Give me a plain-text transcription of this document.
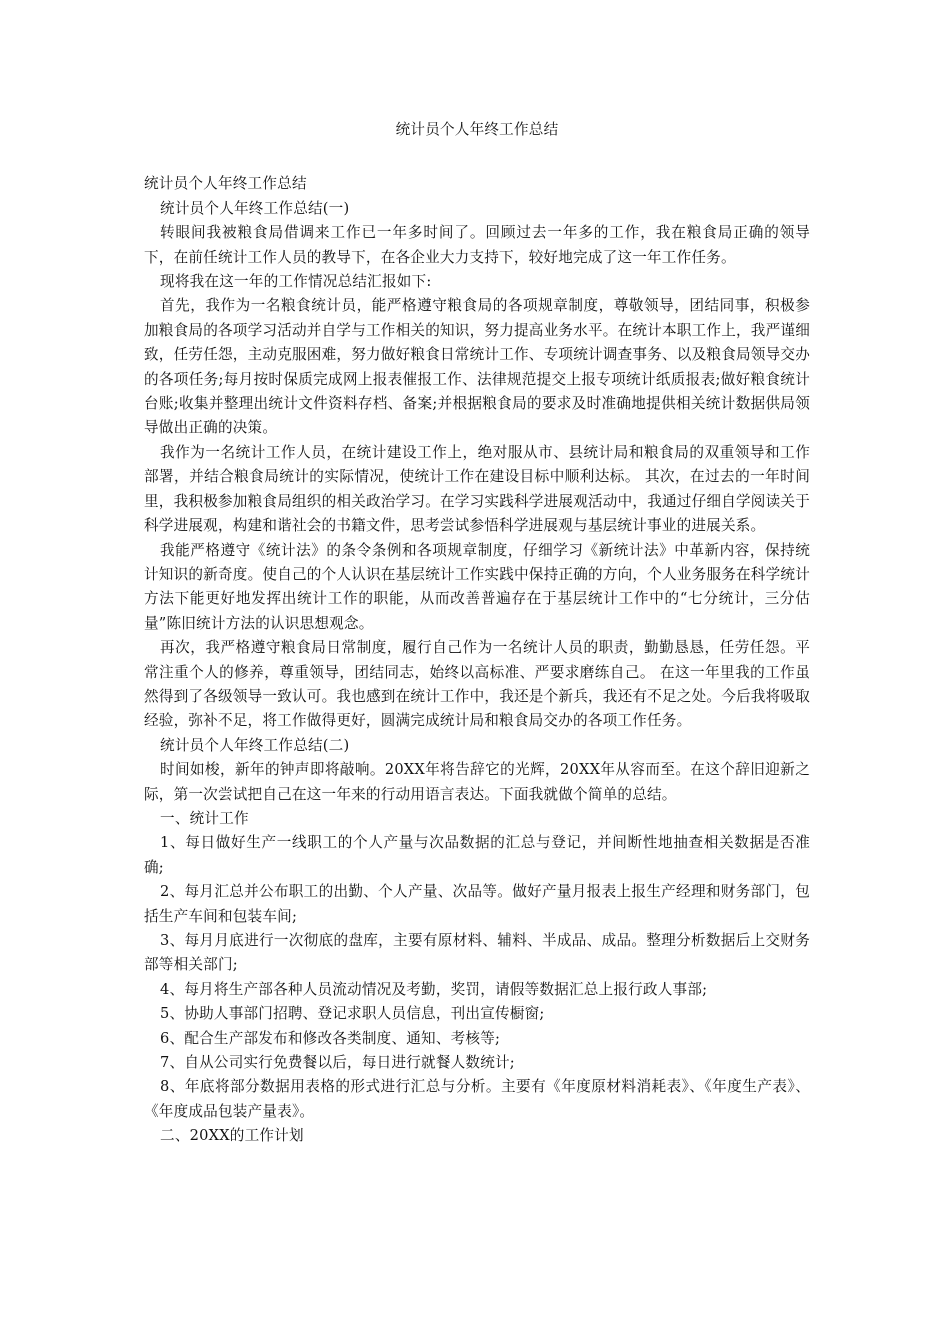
统计员个人年终工作总结

统计员个人年终工作总结

统计员个人年终工作总结(一)

转眼间我被粮食局借调来工作已一年多时间了。回顾过去一年多的工作，我在粮食局正确的领导下，在前任统计工作人员的教导下，在各企业大力支持下，较好地完成了这一年工作任务。

现将我在这一年的工作情况总结汇报如下:

首先，我作为一名粮食统计员，能严格遵守粮食局的各项规章制度，尊敬领导，团结同事，积极参加粮食局的各项学习活动并自学与工作相关的知识，努力提高业务水平。在统计本职工作上，我严谨细致，任劳任怨，主动克服困难，努力做好粮食日常统计工作、专项统计调查事务、以及粮食局领导交办的各项任务;每月按时保质完成网上报表催报工作、法律规范提交上报专项统计纸质报表;做好粮食统计台账;收集并整理出统计文件资料存档、备案;并根据粮食局的要求及时准确地提供相关统计数据供局领导做出正确的决策。

我作为一名统计工作人员，在统计建设工作上，绝对服从市、县统计局和粮食局的双重领导和工作部署，并结合粮食局统计的实际情况，使统计工作在建设目标中顺利达标。 其次，在过去的一年时间里，我积极参加粮食局组织的相关政治学习。在学习实践科学进展观活动中，我通过仔细自学阅读关于科学进展观，构建和谐社会的书籍文件，思考尝试参悟科学进展观与基层统计事业的进展关系。

我能严格遵守《统计法》的条令条例和各项规章制度，仔细学习《新统计法》中革新内容，保持统计知识的新奇度。使自己的个人认识在基层统计工作实践中保持正确的方向，个人业务服务在科学统计方法下能更好地发挥出统计工作的职能，从而改善普遍存在于基层统计工作中的“七分统计，三分估量”陈旧统计方法的认识思想观念。

再次，我严格遵守粮食局日常制度，履行自己作为一名统计人员的职责，勤勤恳恳，任劳任怨。平常注重个人的修养，尊重领导，团结同志，始终以高标准、严要求磨练自己。 在这一年里我的工作虽然得到了各级领导一致认可。我也感到在统计工作中，我还是个新兵，我还有不足之处。今后我将吸取经验，弥补不足，将工作做得更好，圆满完成统计局和粮食局交办的各项工作任务。

统计员个人年终工作总结(二)

时间如梭，新年的钟声即将敲响。20XX年将告辞它的光辉，20XX年从容而至。在这个辞旧迎新之际，第一次尝试把自己在这一年来的行动用语言表达。下面我就做个简单的总结。

一、统计工作

1、每日做好生产一线职工的个人产量与次品数据的汇总与登记，并间断性地抽查相关数据是否准确;

2、每月汇总并公布职工的出勤、个人产量、次品等。做好产量月报表上报生产经理和财务部门，包括生产车间和包装车间;

3、每月月底进行一次彻底的盘库，主要有原材料、辅料、半成品、成品。整理分析数据后上交财务部等相关部门;

4、每月将生产部各种人员流动情况及考勤，奖罚，请假等数据汇总上报行政人事部;

5、协助人事部门招聘、登记求职人员信息，刊出宣传橱窗;

6、配合生产部发布和修改各类制度、通知、考核等;

7、自从公司实行免费餐以后，每日进行就餐人数统计;

8、年底将部分数据用表格的形式进行汇总与分析。主要有《年度原材料消耗表》、《年度生产表》、《年度成品包装产量表》。

二、20XX的工作计划
